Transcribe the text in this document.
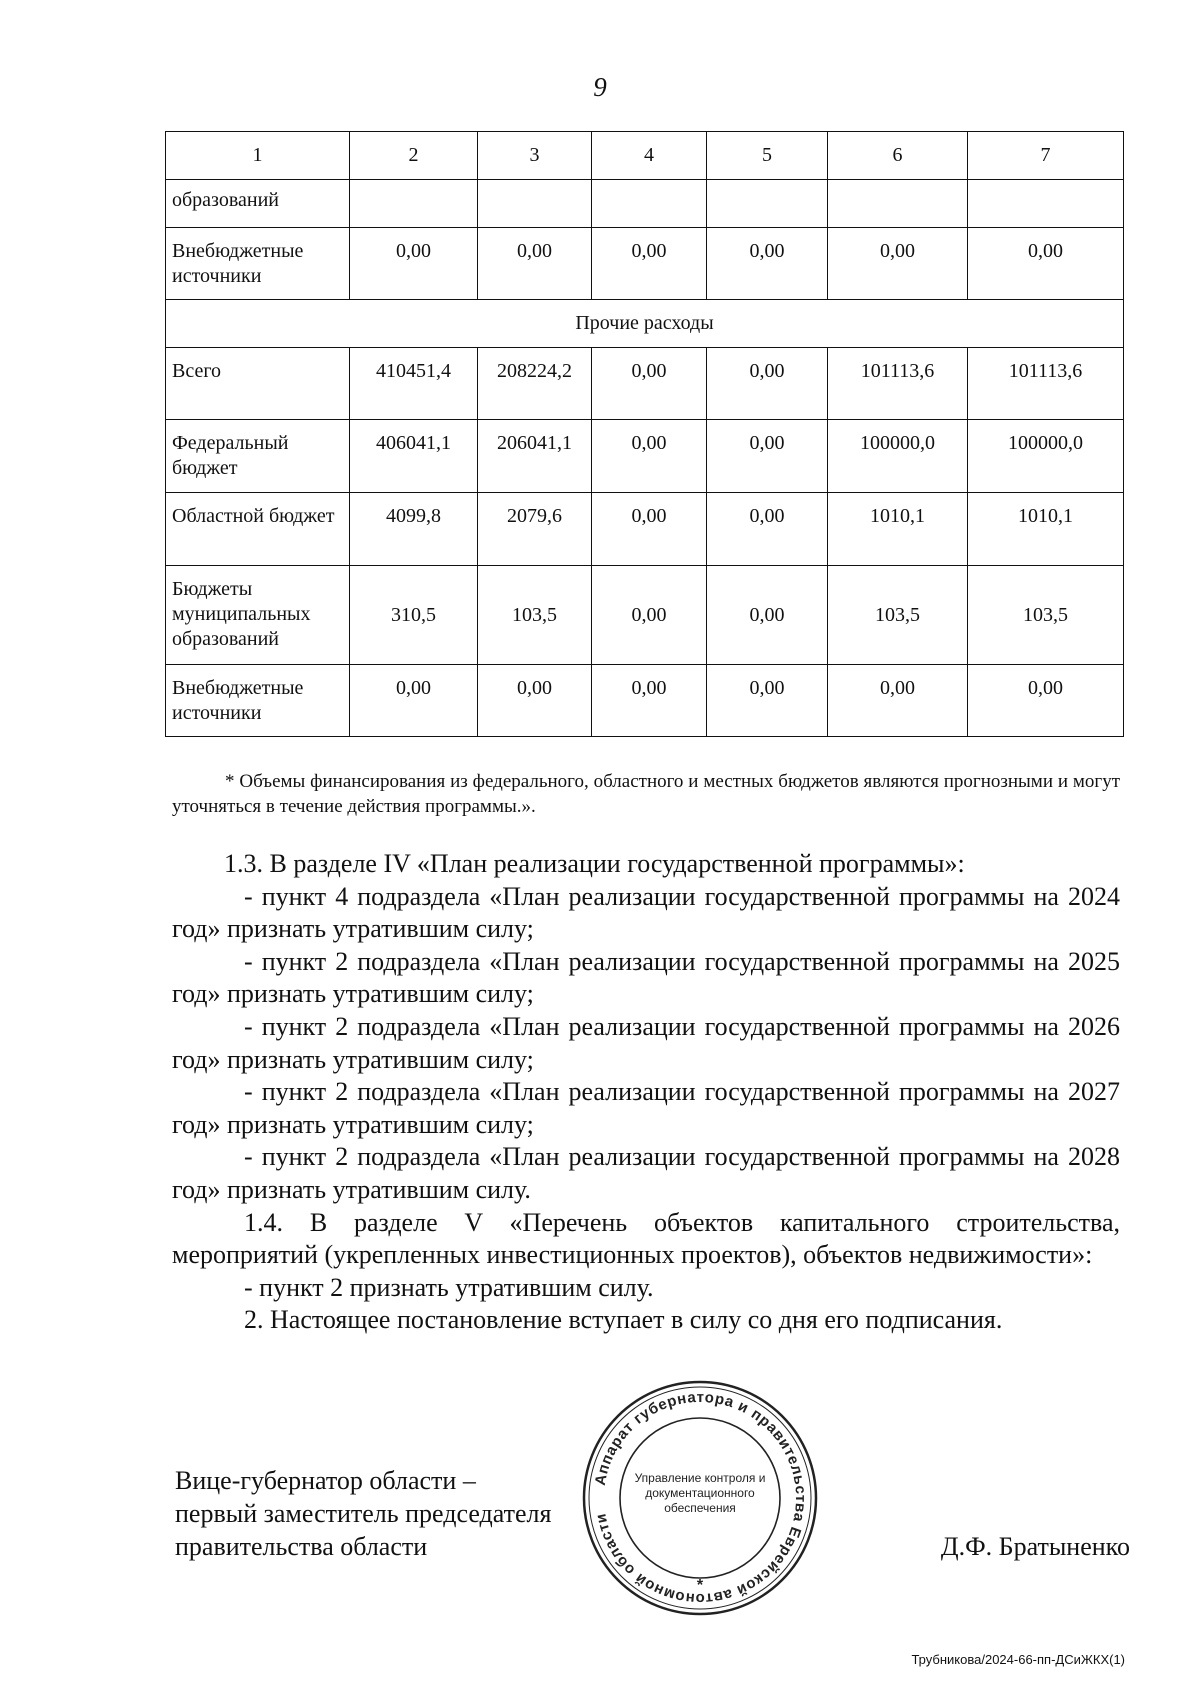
9
1	2	3	4	5	6	7
образований						
Внебюджетные источники	0,00	0,00	0,00	0,00	0,00	0,00
Прочие расходы						
Всего	410451,4	208224,2	0,00	0,00	101113,6	101113,6
Федеральный бюджет	406041,1	206041,1	0,00	0,00	100000,0	100000,0
Областной бюджет	4099,8	2079,6	0,00	0,00	1010,1	1010,1
Бюджеты муниципальных образований	310,5	103,5	0,00	0,00	103,5	103,5
Внебюджетные источники	0,00	0,00	0,00	0,00	0,00	0,00
* Объемы финансирования из федерального, областного и местных бюджетов являются прогнозными и могут уточняться в течение действия программы.».

1.3. В разделе IV «План реализации государственной программы»:

- пункт 4 подраздела «План реализации государственной программы на 2024 год» признать утратившим силу;

- пункт 2 подраздела «План реализации государственной программы на 2025 год» признать утратившим силу;

- пункт 2 подраздела «План реализации государственной программы на 2026 год» признать утратившим силу;

- пункт 2 подраздела «План реализации государственной программы на 2027 год» признать утратившим силу;

- пункт 2 подраздела «План реализации государственной программы на 2028 год» признать утратившим силу.

1.4. В разделе V «Перечень объектов капитального строительства, мероприятий (укрепленных инвестиционных проектов), объектов недвижимости»:

- пункт 2 признать утратившим силу.

2. Настоящее постановление вступает в силу со дня его подписания.

Вице-губернатор области –
первый заместитель председателя
правительства области
Аппарат губернатора и правительства Еврейской автономной области
Управление контроля и
документационного
обеспечения
*
Д.Ф. Братыненко
Трубникова/2024-66-пп-ДСиЖКХ(1)
